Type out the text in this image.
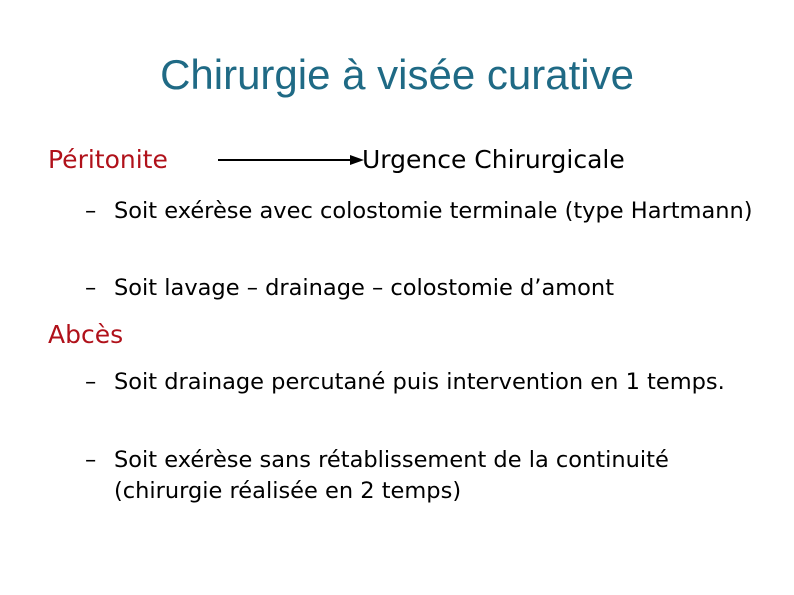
Chirurgie à visée curative
Péritonite	Urgence Chirurgicale
– Soit exérèse avec colostomie terminale (type Hartmann)
– Soit lavage – drainage – colostomie d’amont
Abcès
– Soit drainage percutané puis intervention en 1 temps.
– Soit exérèse sans rétablissement de la continuité (chirurgie réalisée en 2 temps)
